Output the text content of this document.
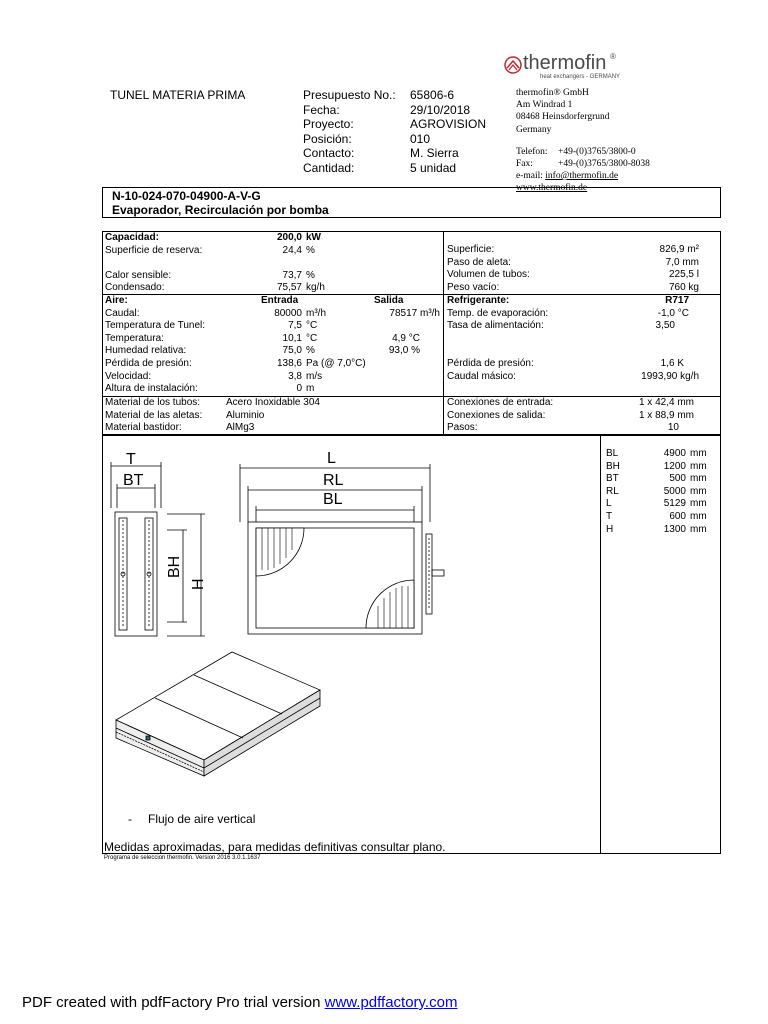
thermofin ®
heat exchangers - GERMANY
TUNEL MATERIA PRIMA	Presupuesto No.: 65806-6
Fecha:	29/10/2018
Proyecto:	AGROVISION
Posición:	010
Contacto:	M. Sierra
Cantidad:	5 unidad
thermofin® GmbH
Am Windrad 1
08468 Heinsdorfergrund
Germany
Telefon: +49-(0)3765/3800-0
Fax:	+49-(0)3765/3800-8038
e-mail: info@thermofin.de
www.thermofin.de
N-10-024-070-04900-A-V-G
Evaporador, Recirculación por bomba
Capacidad:	200,0 kW
Superficie de reserva:	24,4 %
Calor sensible:	73,7 %
Condensado:	75,57 kg/h
Superficie:	826,9 m²
Paso de aleta:	7,0 mm
Volumen de tubos:	225,5 l
Peso vacío:	760 kg
Aire:	Entrada	Salida
Caudal:	80000 m³/h	78517 m³/h
Temperatura de Tunel:	7,5 °C
Temperatura:	10,1 °C	4,9 °C
Humedad relativa:	75,0 %	93,0 %
Pérdida de presión:	138,6 Pa (@ 7,0°C)
Velocidad:	3,8 m/s
Altura de instalación:	0 m
Refrigerante:	R717
Temp. de evaporación:	-1,0 °C
Tasa de alimentación:	3,50
Pérdida de presión:	1,6 K
Caudal másico:	1993,90 kg/h
Material de los tubos:	Acero Inoxidable 304
Material de las aletas: Aluminio
Material bastidor:	AlMg3
Conexiones de entrada:	1 x 42,4 mm
Conexiones de salida:	1 x 88,9 mm
Pasos:	10
BL	4900 mm
BH	1200 mm
BT	500 mm
RL	5000 mm
L	5129 mm
T	600 mm
H	1300 mm
T
BT
BH
H
L
RL
BL
- Flujo de aire vertical
Medidas aproximadas, para medidas definitivas consultar plano.
Programa de seleccion thermofin. Version 2016 3.0.1.1637
PDF created with pdfFactory Pro trial version www.pdffactory.com
